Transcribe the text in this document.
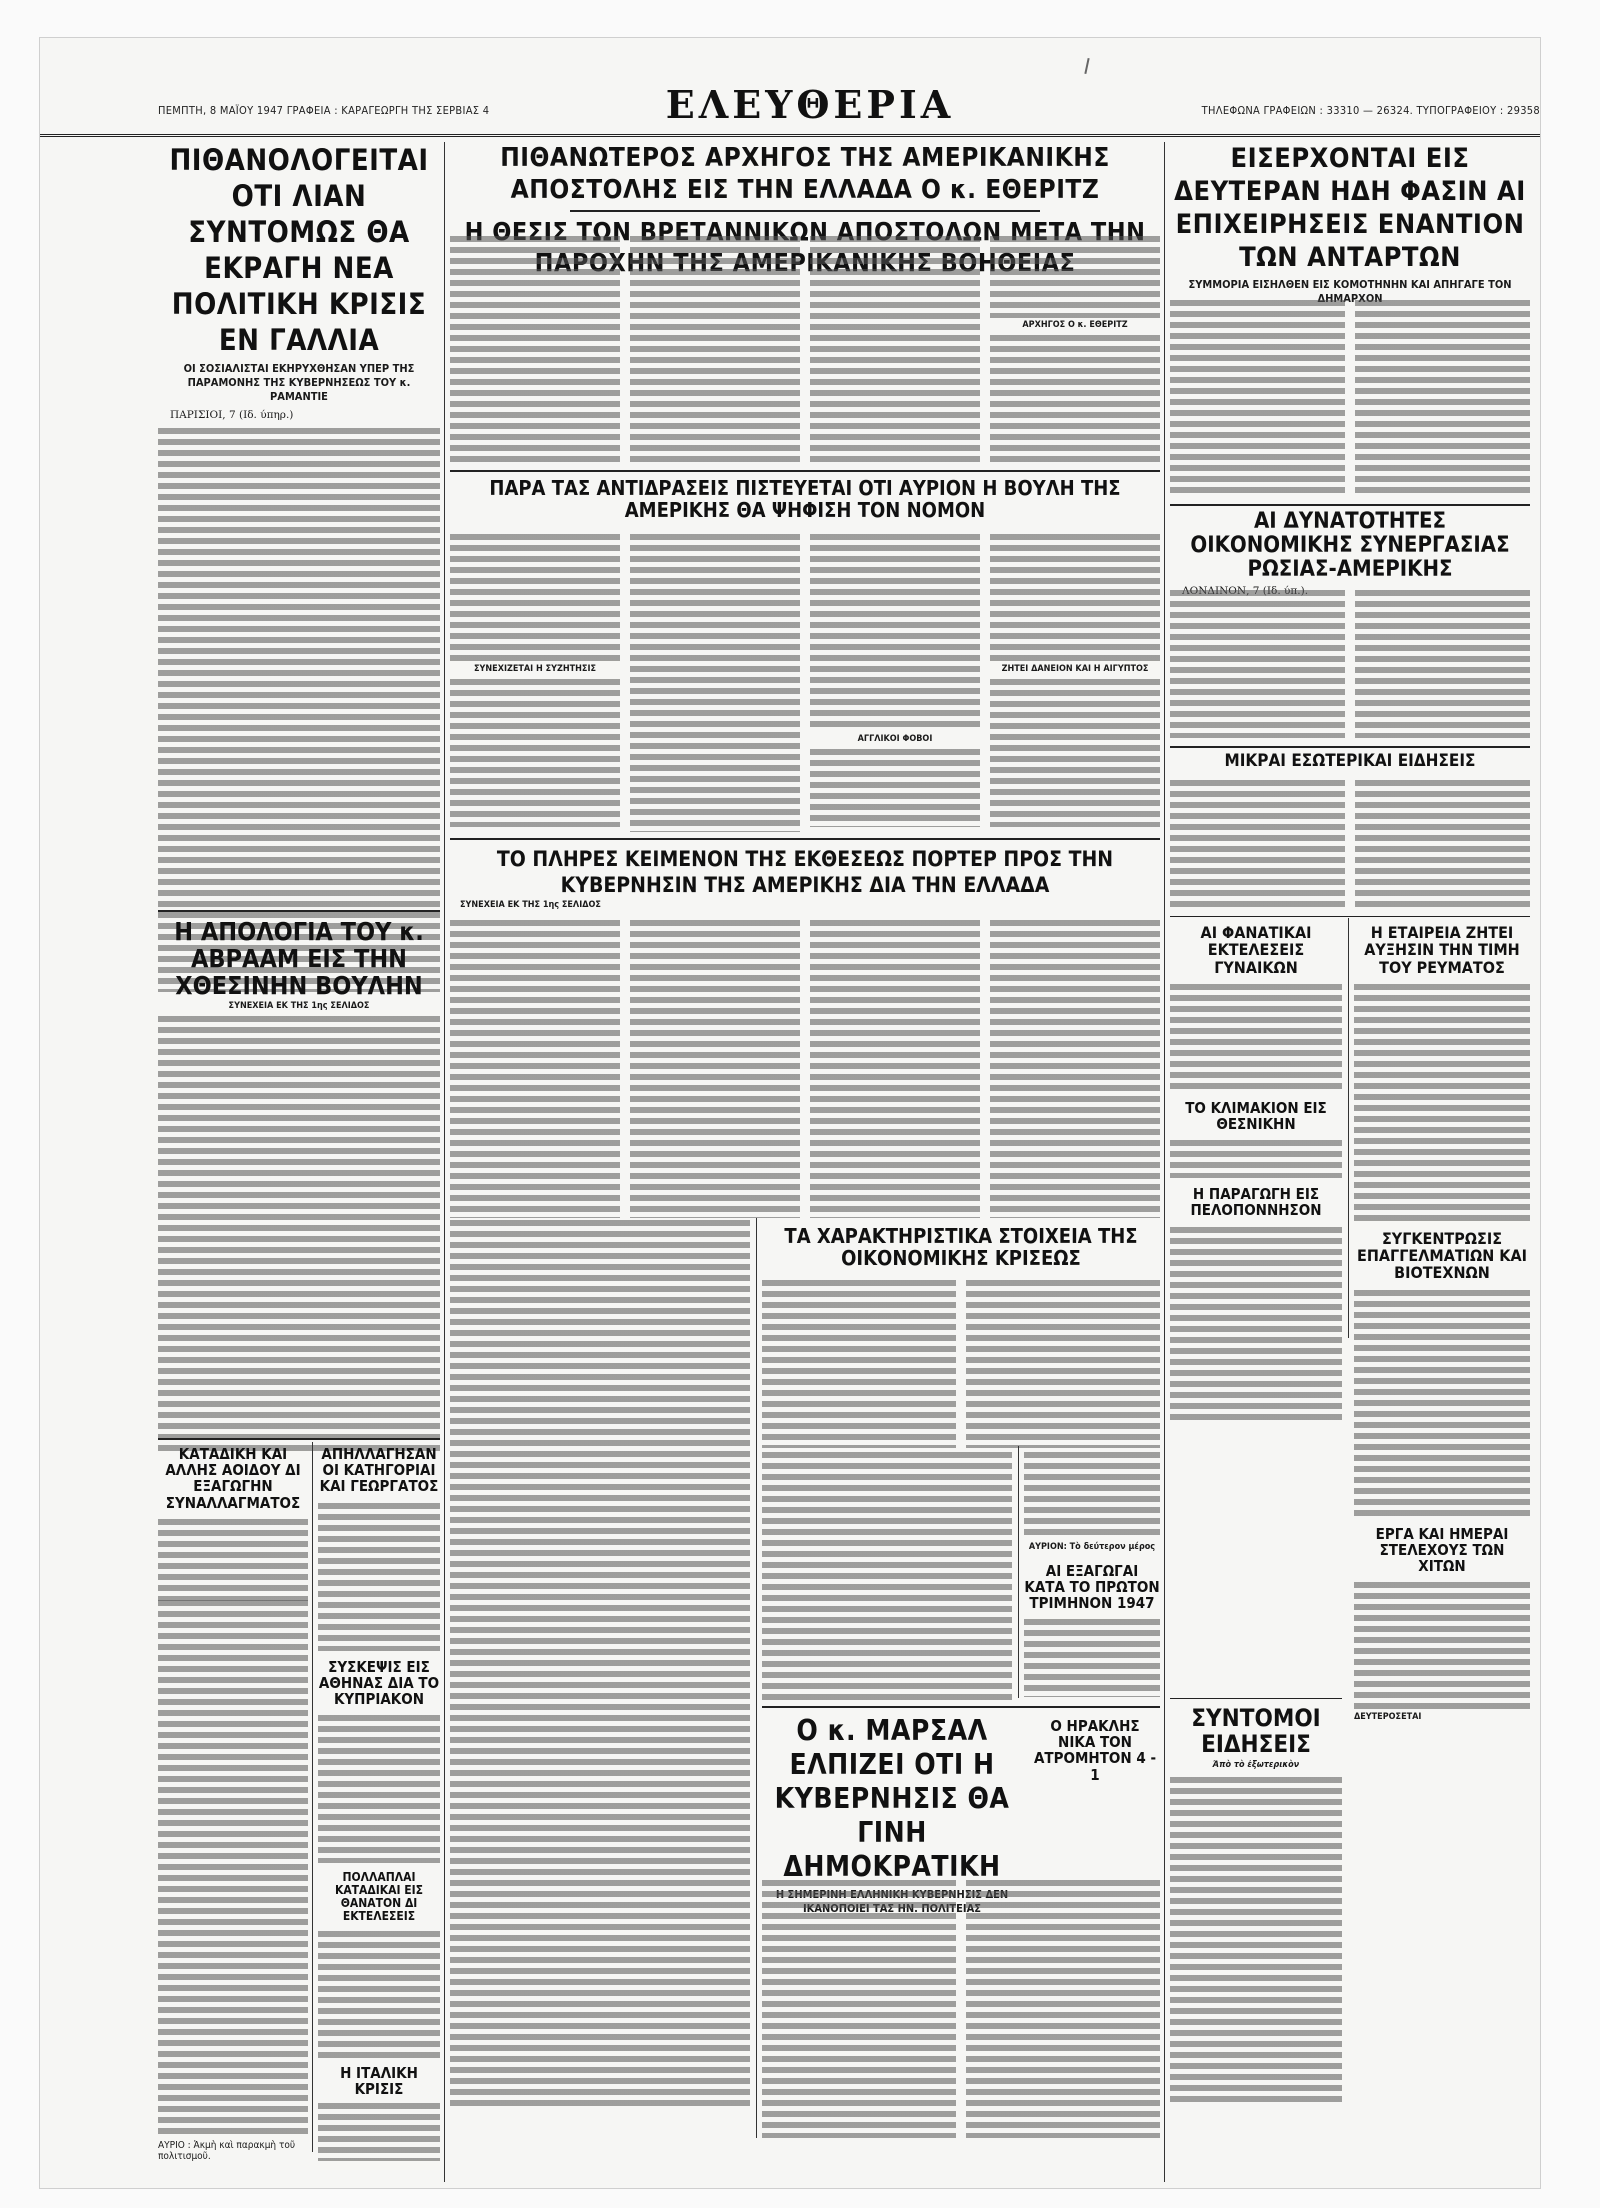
ΠΕΜΠΤΗ, 8 ΜΑΪΟΥ 1947 ΓΡΑΦΕΙΑ : ΚΑΡΑΓΕΩΡΓΗ ΤΗΣ ΣΕΡΒΙΑΣ 4	ΕΛΕΥΘΕΡΙΑ	ΤΗΛΕΦΩΝΑ ΓΡΑΦΕΙΩΝ : 33310 — 26324. ΤΥΠΟΓΡΑΦΕΙΟΥ : 29358
ΠΙΘΑΝΟΛΟΓΕΙΤΑΙ ΟΤΙ ΛΙΑΝ ΣΥΝΤΟΜΩΣ ΘΑ ΕΚΡΑΓΗ ΝΕΑ ΠΟΛΙΤΙΚΗ ΚΡΙΣΙΣ ΕΝ ΓΑΛΛΙΑ
ΟΙ ΣΟΣΙΑΛΙΣΤΑΙ ΕΚΗΡΥΧΘΗΣΑΝ ΥΠΕΡ ΤΗΣ ΠΑΡΑΜΟΝΗΣ ΤΗΣ ΚΥΒΕΡΝΗΣΕΩΣ ΤΟΥ κ. ΡΑΜΑΝΤΙΕ
ΠΑΡΙΣΙΟΙ, 7 (Ιδ. ύπηρ.)
Η ΑΠΟΛΟΓΙΑ ΤΟΥ κ. ΑΒΡΑΑΜ ΕΙΣ ΤΗΝ ΧΘΕΣΙΝΗΝ ΒΟΥΛΗΝ
ΣΥΝΕΧΕΙΑ ΕΚ ΤΗΣ 1ης ΣΕΛΙΔΟΣ
ΚΑΤΑΔΙΚΗ ΚΑΙ ΑΛΛΗΣ ΑΟΙΔΟΥ ΔΙ ΕΞΑΓΩΓΗΝ ΣΥΝΑΛΛΑΓΜΑΤΟΣ
ΑΥΡΙΟ : Ἀκμὴ καὶ παρακμὴ τοῦ πολιτισμοῦ.
ΑΠΗΛΛΑΓΗΣΑΝ ΟΙ ΚΑΤΗΓΟΡΙΑΙ ΚΑΙ ΓΕΩΡΓΑΤΟΣ
ΣΥΣΚΕΨΙΣ ΕΙΣ ΑΘΗΝΑΣ ΔΙΑ ΤΟ ΚΥΠΡΙΑΚΟΝ
ΠΟΛΛΑΠΛΑΙ ΚΑΤΑΔΙΚΑΙ ΕΙΣ ΘΑΝΑΤΟΝ ΔΙ ΕΚΤΕΛΕΣΕΙΣ
Η ΙΤΑΛΙΚΗ ΚΡΙΣΙΣ
ΠΙΘΑΝΩΤΕΡΟΣ ΑΡΧΗΓΟΣ ΤΗΣ ΑΜΕΡΙΚΑΝΙΚΗΣ ΑΠΟΣΤΟΛΗΣ ΕΙΣ ΤΗΝ ΕΛΛΑΔΑ Ο κ. ΕΘΕΡΙΤΖ
Η ΘΕΣΙΣ ΤΩΝ ΒΡΕΤΑΝΝΙΚΩΝ ΑΠΟΣΤΟΛΩΝ ΜΕΤΑ ΤΗΝ ΠΑΡΟΧΗΝ ΤΗΣ ΑΜΕΡΙΚΑΝΙΚΗΣ ΒΟΗΘΕΙΑΣ
ΑΡΧΗΓΟΣ Ο κ. ΕΘΕΡΙΤΖ
ΠΑΡΑ ΤΑΣ ΑΝΤΙΔΡΑΣΕΙΣ ΠΙΣΤΕΥΕΤΑΙ ΟΤΙ ΑΥΡΙΟΝ Η ΒΟΥΛΗ ΤΗΣ ΑΜΕΡΙΚΗΣ ΘΑ ΨΗΦΙΣΗ ΤΟΝ ΝΟΜΟΝ
ΣΥΝΕΧΙΖΕΤΑΙ Η ΣΥΖΗΤΗΣΙΣ
ΑΓΓΛΙΚΟΙ ΦΟΒΟΙ
ΖΗΤΕΙ ΔΑΝΕΙΟΝ ΚΑΙ Η ΑΙΓΥΠΤΟΣ
ΤΟ ΠΛΗΡΕΣ ΚΕΙΜΕΝΟΝ ΤΗΣ ΕΚΘΕΣΕΩΣ ΠΟΡΤΕΡ ΠΡΟΣ ΤΗΝ ΚΥΒΕΡΝΗΣΙΝ ΤΗΣ ΑΜΕΡΙΚΗΣ ΔΙΑ ΤΗΝ ΕΛΛΑΔΑ
ΣΥΝΕΧΕΙΑ ΕΚ ΤΗΣ 1ης ΣΕΛΙΔΟΣ
ΤΑ ΧΑΡΑΚΤΗΡΙΣΤΙΚΑ ΣΤΟΙΧΕΙΑ ΤΗΣ ΟΙΚΟΝΟΜΙΚΗΣ ΚΡΙΣΕΩΣ
ΑΥΡΙΟΝ: Τὸ δεύτερον μέρος
ΑΙ ΕΞΑΓΩΓΑΙ ΚΑΤΑ ΤΟ ΠΡΩΤΟΝ ΤΡΙΜΗΝΟΝ 1947
Ο κ. ΜΑΡΣΑΛ ΕΛΠΙΖΕΙ ΟΤΙ Η ΚΥΒΕΡΝΗΣΙΣ ΘΑ ΓΙΝΗ ΔΗΜΟΚΡΑΤΙΚΗ
Η ΣΗΜΕΡΙΝΗ ΕΛΛΗΝΙΚΗ ΚΥΒΕΡΝΗΣΙΣ ΔΕΝ ΙΚΑΝΟΠΟΙΕΙ ΤΑΣ ΗΝ. ΠΟΛΙΤΕΙΑΣ
Ο ΗΡΑΚΛΗΣ ΝΙΚΑ ΤΟΝ ΑΤΡΟΜΗΤΟΝ 4 - 1
ΕΙΣΕΡΧΟΝΤΑΙ ΕΙΣ ΔΕΥΤΕΡΑΝ ΗΔΗ ΦΑΣΙΝ ΑΙ ΕΠΙΧΕΙΡΗΣΕΙΣ ΕΝΑΝΤΙΟΝ ΤΩΝ ΑΝΤΑΡΤΩΝ
ΣΥΜΜΟΡΙΑ ΕΙΣΗΛΘΕΝ ΕΙΣ ΚΟΜΟΤΗΝΗΝ ΚΑΙ ΑΠΗΓΑΓΕ ΤΟΝ ΔΗΜΑΡΧΟΝ
ΑΙ ΔΥΝΑΤΟΤΗΤΕΣ ΟΙΚΟΝΟΜΙΚΗΣ ΣΥΝΕΡΓΑΣΙΑΣ ΡΩΣΙΑΣ-ΑΜΕΡΙΚΗΣ
ΛΟΝΔΙΝΟΝ, 7 (Ιδ. ύπ.).
ΜΙΚΡΑΙ ΕΣΩΤΕΡΙΚΑΙ ΕΙΔΗΣΕΙΣ
ΑΙ ΦΑΝΑΤΙΚΑΙ ΕΚΤΕΛΕΣΕΙΣ ΓΥΝΑΙΚΩΝ
ΤΟ ΚΛΙΜΑΚΙΟΝ ΕΙΣ ΘΕΣΝΙΚΗΝ
Η ΠΑΡΑΓΩΓΗ ΕΙΣ ΠΕΛΟΠΟΝΝΗΣΟΝ
Η ΕΤΑΙΡΕΙΑ ΖΗΤΕΙ ΑΥΞΗΣΙΝ ΤΗΝ ΤΙΜΗ ΤΟΥ ΡΕΥΜΑΤΟΣ
ΣΥΓΚΕΝΤΡΩΣΙΣ ΕΠΑΓΓΕΛΜΑΤΙΩΝ ΚΑΙ ΒΙΟΤΕΧΝΩΝ
ΕΡΓΑ ΚΑΙ ΗΜΕΡΑΙ ΣΤΕΛΕΧΟΥΣ ΤΩΝ ΧΙΤΩΝ
ΔΕΥΤΕΡΟΣΕΤΑΙ
ΣΥΝΤΟΜΟΙ ΕΙΔΗΣΕΙΣ
Ἀπὸ τὸ ἐξωτερικὸν
